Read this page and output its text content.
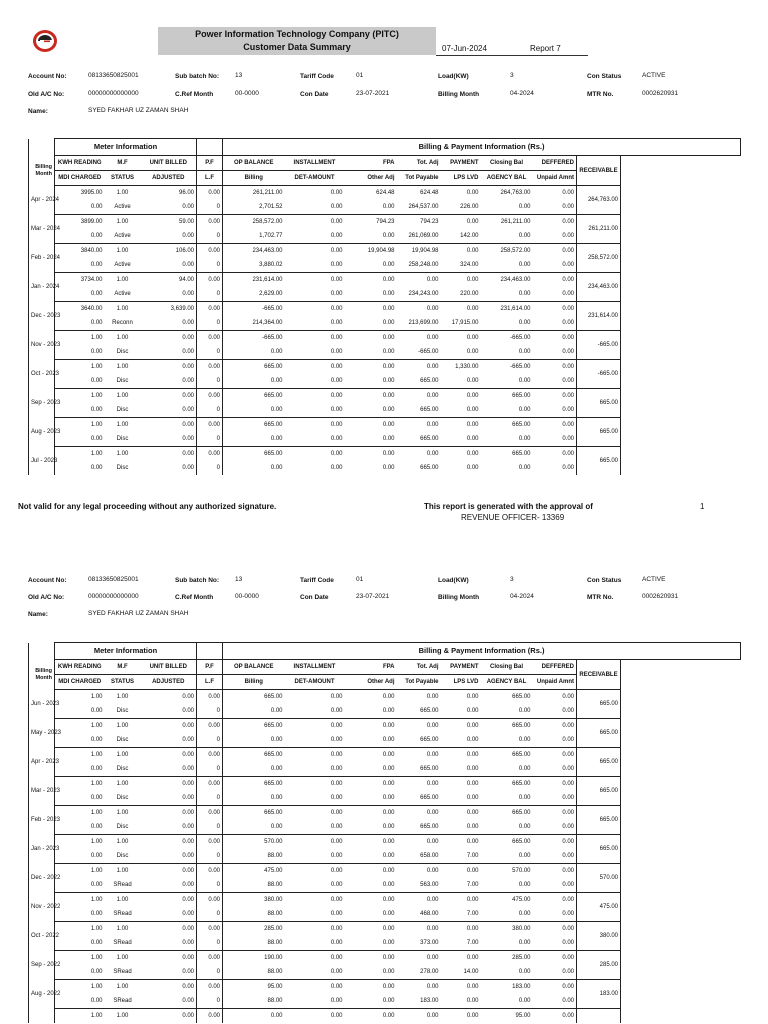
Power Information Technology Company (PITC)
Customer Data Summary	07-Jun-2024	Report 7
Account No:	08133650825001	Sub batch No: 13	Tariff Code	01	Load(KW)	3	Con Status	ACTIVE
Old A/C No:	00000000000000	C.Ref Month	00-0000	Con Date	23-07-2021	Billing Month	04-2024	MTR No.	0002620931
Name:	SYED FAKHAR UZ ZAMAN SHAH
	Meter Information				Billing & Payment Information (Rs.)							
Billing Month	KWH READING	M.F	UNIT BILLED	P.F	OP BALANCE	INSTALLMENT	FPA	Tot. Adj	PAYMENT	Closing Bal	DEFFERED	RECEIVABLE
	MDI CHARGED	STATUS	ADJUSTED	L.F	Billing	DET-AMOUNT	Other Adj	Tot Payable	LPS LVD	AGENCY BAL	Unpaid Amnt	
Apr - 2024	3995.00	1.00	96.00	0.00	261,211.00	0.00	624.48	624.48	0.00	264,763.00	0.00	264,763.00
	0.00	Active	0.00	0	2,701.52	0.00	0.00	264,537.00	226.00	0.00	0.00	
Mar - 2024	3899.00	1.00	59.00	0.00	258,572.00	0.00	794.23	794.23	0.00	261,211.00	0.00	261,211.00
	0.00	Active	0.00	0	1,702.77	0.00	0.00	261,069.00	142.00	0.00	0.00	
Feb - 2024	3840.00	1.00	106.00	0.00	234,463.00	0.00	19,904.98	19,904.98	0.00	258,572.00	0.00	258,572.00
	0.00	Active	0.00	0	3,880.02	0.00	0.00	258,248.00	324.00	0.00	0.00	
Jan - 2024	3734.00	1.00	94.00	0.00	231,614.00	0.00	0.00	0.00	0.00	234,463.00	0.00	234,463.00
	0.00	Active	0.00	0	2,629.00	0.00	0.00	234,243.00	220.00	0.00	0.00	
Dec - 2023	3640.00	1.00	3,639.00	0.00	-665.00	0.00	0.00	0.00	0.00	231,614.00	0.00	231,614.00
	0.00	Reconn	0.00	0	214,364.00	0.00	0.00	213,699.00	17,915.00	0.00	0.00	
Nov - 2023	1.00	1.00	0.00	0.00	-665.00	0.00	0.00	0.00	0.00	-665.00	0.00	-665.00
	0.00	Disc	0.00	0	0.00	0.00	0.00	-665.00	0.00	0.00	0.00	
Oct - 2023	1.00	1.00	0.00	0.00	665.00	0.00	0.00	0.00	1,330.00	-665.00	0.00	-665.00
	0.00	Disc	0.00	0	0.00	0.00	0.00	665.00	0.00	0.00	0.00	
Sep - 2023	1.00	1.00	0.00	0.00	665.00	0.00	0.00	0.00	0.00	665.00	0.00	665.00
	0.00	Disc	0.00	0	0.00	0.00	0.00	665.00	0.00	0.00	0.00	
Aug - 2023	1.00	1.00	0.00	0.00	665.00	0.00	0.00	0.00	0.00	665.00	0.00	665.00
	0.00	Disc	0.00	0	0.00	0.00	0.00	665.00	0.00	0.00	0.00	
Jul - 2023	1.00	1.00	0.00	0.00	665.00	0.00	0.00	0.00	0.00	665.00	0.00	665.00
	0.00	Disc	0.00	0	0.00	0.00	0.00	665.00	0.00	0.00	0.00	
Not valid for any legal proceeding without any authorized signature.	This report is generated with the approval of
REVENUE OFFICER- 13369
1
Account No:	08133650825001	Sub batch No: 13	Tariff Code	01	Load(KW)	3	Con Status	ACTIVE
Old A/C No:	00000000000000	C.Ref Month	00-0000	Con Date	23-07-2021	Billing Month	04-2024	MTR No.	0002620931
Name:	SYED FAKHAR UZ ZAMAN SHAH
	Meter Information				Billing & Payment Information (Rs.)							
Billing Month	KWH READING	M.F	UNIT BILLED	P.F	OP BALANCE	INSTALLMENT	FPA	Tot. Adj	PAYMENT	Closing Bal	DEFFERED	RECEIVABLE
	MDI CHARGED	STATUS	ADJUSTED	L.F	Billing	DET-AMOUNT	Other Adj	Tot Payable	LPS LVD	AGENCY BAL	Unpaid Amnt	
Jun - 2023	1.00	1.00	0.00	0.00	665.00	0.00	0.00	0.00	0.00	665.00	0.00	665.00
	0.00	Disc	0.00	0	0.00	0.00	0.00	665.00	0.00	0.00	0.00	
May - 2023	1.00	1.00	0.00	0.00	665.00	0.00	0.00	0.00	0.00	665.00	0.00	665.00
	0.00	Disc	0.00	0	0.00	0.00	0.00	665.00	0.00	0.00	0.00	
Apr - 2023	1.00	1.00	0.00	0.00	665.00	0.00	0.00	0.00	0.00	665.00	0.00	665.00
	0.00	Disc	0.00	0	0.00	0.00	0.00	665.00	0.00	0.00	0.00	
Mar - 2023	1.00	1.00	0.00	0.00	665.00	0.00	0.00	0.00	0.00	665.00	0.00	665.00
	0.00	Disc	0.00	0	0.00	0.00	0.00	665.00	0.00	0.00	0.00	
Feb - 2023	1.00	1.00	0.00	0.00	665.00	0.00	0.00	0.00	0.00	665.00	0.00	665.00
	0.00	Disc	0.00	0	0.00	0.00	0.00	665.00	0.00	0.00	0.00	
Jan - 2023	1.00	1.00	0.00	0.00	570.00	0.00	0.00	0.00	0.00	665.00	0.00	665.00
	0.00	Disc	0.00	0	88.00	0.00	0.00	658.00	7.00	0.00	0.00	
Dec - 2022	1.00	1.00	0.00	0.00	475.00	0.00	0.00	0.00	0.00	570.00	0.00	570.00
	0.00	SRead	0.00	0	88.00	0.00	0.00	563.00	7.00	0.00	0.00	
Nov - 2022	1.00	1.00	0.00	0.00	380.00	0.00	0.00	0.00	0.00	475.00	0.00	475.00
	0.00	SRead	0.00	0	88.00	0.00	0.00	468.00	7.00	0.00	0.00	
Oct - 2022	1.00	1.00	0.00	0.00	285.00	0.00	0.00	0.00	0.00	380.00	0.00	380.00
	0.00	SRead	0.00	0	88.00	0.00	0.00	373.00	7.00	0.00	0.00	
Sep - 2022	1.00	1.00	0.00	0.00	190.00	0.00	0.00	0.00	0.00	285.00	0.00	285.00
	0.00	SRead	0.00	0	88.00	0.00	0.00	278.00	14.00	0.00	0.00	
Aug - 2022	1.00	1.00	0.00	0.00	95.00	0.00	0.00	0.00	0.00	183.00	0.00	183.00
	0.00	SRead	0.00	0	88.00	0.00	0.00	183.00	0.00	0.00	0.00	
	1.00	1.00	0.00	0.00	0.00	0.00	0.00	0.00	0.00	95.00	0.00	
